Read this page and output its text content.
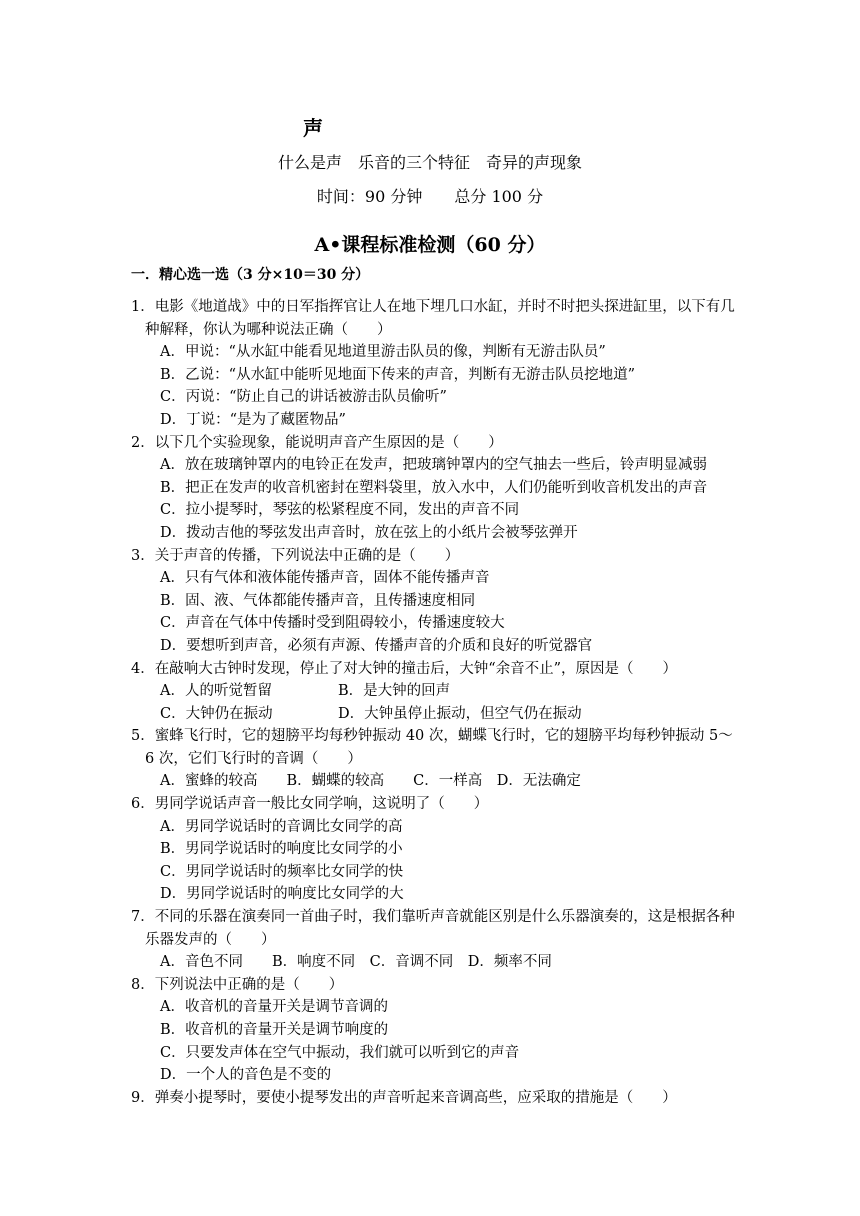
声
什么是声　乐音的三个特征　奇异的声现象
时间：90 分钟　　总分 100 分
A•课程标准检测（60 分）
一．精心选一选（3 分×10＝30 分）
1．电影《地道战》中的日军指挥官让人在地下埋几口水缸，并时不时把头探进缸里，以下有几种解释，你认为哪种说法正确（　　）
A．甲说：“从水缸中能看见地道里游击队员的像，判断有无游击队员”
B．乙说：“从水缸中能听见地面下传来的声音，判断有无游击队员挖地道”
C．丙说：“防止自己的讲话被游击队员偷听”
D．丁说：“是为了藏匿物品”
2．以下几个实验现象，能说明声音产生原因的是（　　）
A．放在玻璃钟罩内的电铃正在发声，把玻璃钟罩内的空气抽去一些后，铃声明显减弱
B．把正在发声的收音机密封在塑料袋里，放入水中，人们仍能听到收音机发出的声音
C．拉小提琴时，琴弦的松紧程度不同，发出的声音不同
D．拨动吉他的琴弦发出声音时，放在弦上的小纸片会被琴弦弹开
3．关于声音的传播，下列说法中正确的是（　　）
A．只有气体和液体能传播声音，固体不能传播声音
B．固、液、气体都能传播声音，且传播速度相同
C．声音在气体中传播时受到阻碍较小，传播速度较大
D．要想听到声音，必须有声源、传播声音的介质和良好的听觉器官
4．在敲响大古钟时发现，停止了对大钟的撞击后，大钟“余音不止”，原因是（　　）
A．人的听觉暂留	B．是大钟的回声
C．大钟仍在振动	D．大钟虽停止振动，但空气仍在振动
5．蜜蜂飞行时，它的翅膀平均每秒钟振动 40 次，蝴蝶飞行时，它的翅膀平均每秒钟振动 5～6 次，它们飞行时的音调（　　）
A．蜜蜂的较高　　B．蝴蝶的较高　　C．一样高　D．无法确定
6．男同学说话声音一般比女同学响，这说明了（　　）
A．男同学说话时的音调比女同学的高
B．男同学说话时的响度比女同学的小
C．男同学说话时的频率比女同学的快
D．男同学说话时的响度比女同学的大
7．不同的乐器在演奏同一首曲子时，我们靠听声音就能区别是什么乐器演奏的，这是根据各种乐器发声的（　　）
A．音色不同　　B．响度不同　C．音调不同　D．频率不同
8．下列说法中正确的是（　　）
A．收音机的音量开关是调节音调的
B．收音机的音量开关是调节响度的
C．只要发声体在空气中振动，我们就可以听到它的声音
D．一个人的音色是不变的
9．弹奏小提琴时，要使小提琴发出的声音听起来音调高些，应采取的措施是（　　）
